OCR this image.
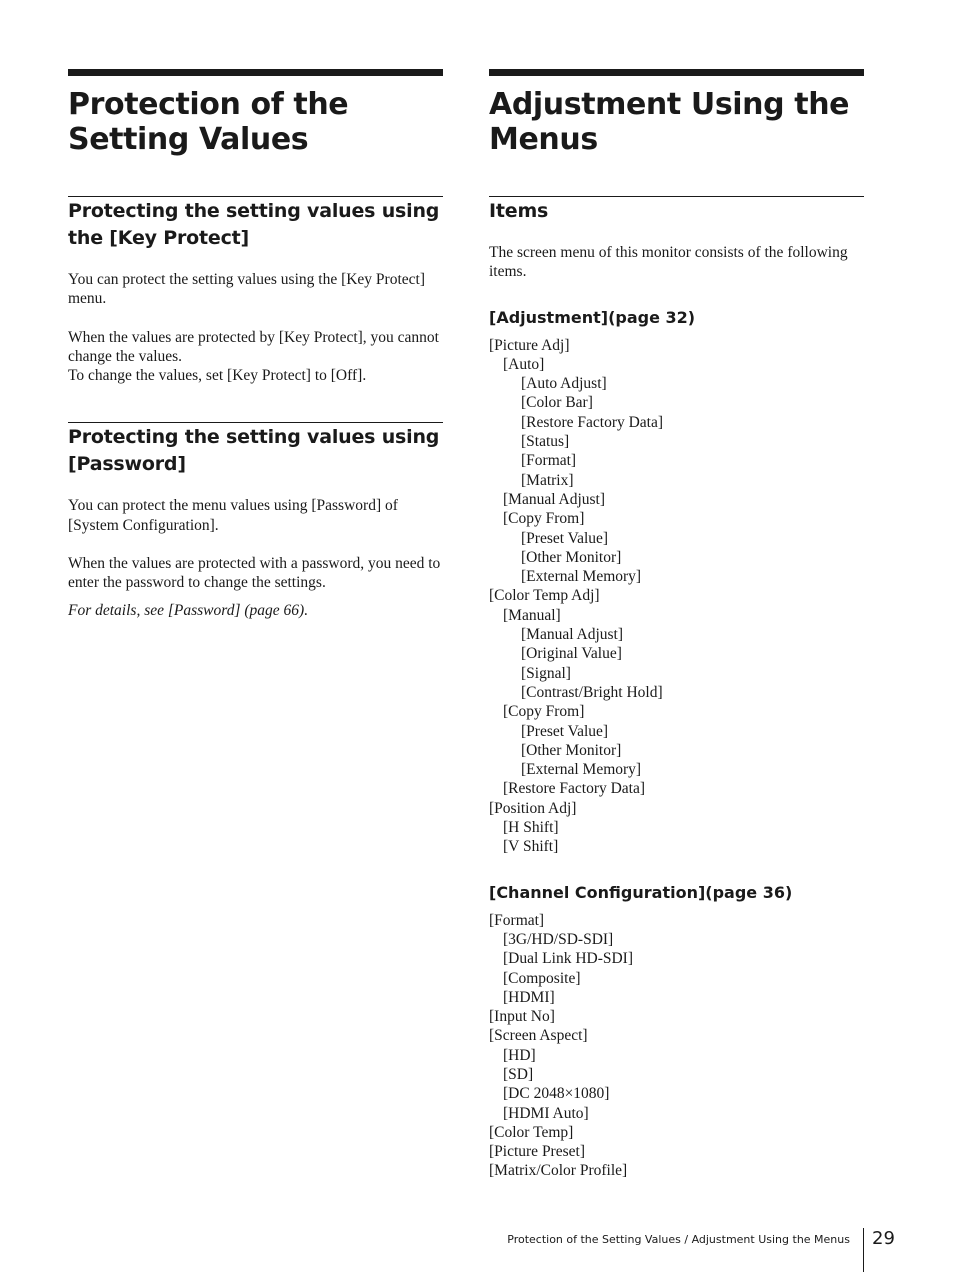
Protection of the Setting Values
Protecting the setting values using the [Key Protect]

You can protect the setting values using the [Key Protect] menu.

When the values are protected by [Key Protect], you cannot change the values.

To change the values, set [Key Protect] to [Off].

Protecting the setting values using [Password]

You can protect the menu values using [Password] of [System Configuration].

When the values are protected with a password, you need to enter the password to change the settings.

For details, see [Password] (page 66).

Adjustment Using the Menus
Items

The screen menu of this monitor consists of the following items.

[Adjustment](page 32)
[Picture Adj]
[Auto]
[Auto Adjust]
[Color Bar]
[Restore Factory Data]
[Status]
[Format]
[Matrix]
[Manual Adjust]
[Copy From]
[Preset Value]
[Other Monitor]
[External Memory]
[Color Temp Adj]
[Manual]
[Manual Adjust]
[Original Value]
[Signal]
[Contrast/Bright Hold]
[Copy From]
[Preset Value]
[Other Monitor]
[External Memory]
[Restore Factory Data]
[Position Adj]
[H Shift]
[V Shift]
[Channel Configuration](page 36)
[Format]
[3G/HD/SD-SDI]
[Dual Link HD-SDI]
[Composite]
[HDMI]
[Input No]
[Screen Aspect]
[HD]
[SD]
[DC 2048×1080]
[HDMI Auto]
[Color Temp]
[Picture Preset]
[Matrix/Color Profile]
Protection of the Setting Values / Adjustment Using the Menus 29
